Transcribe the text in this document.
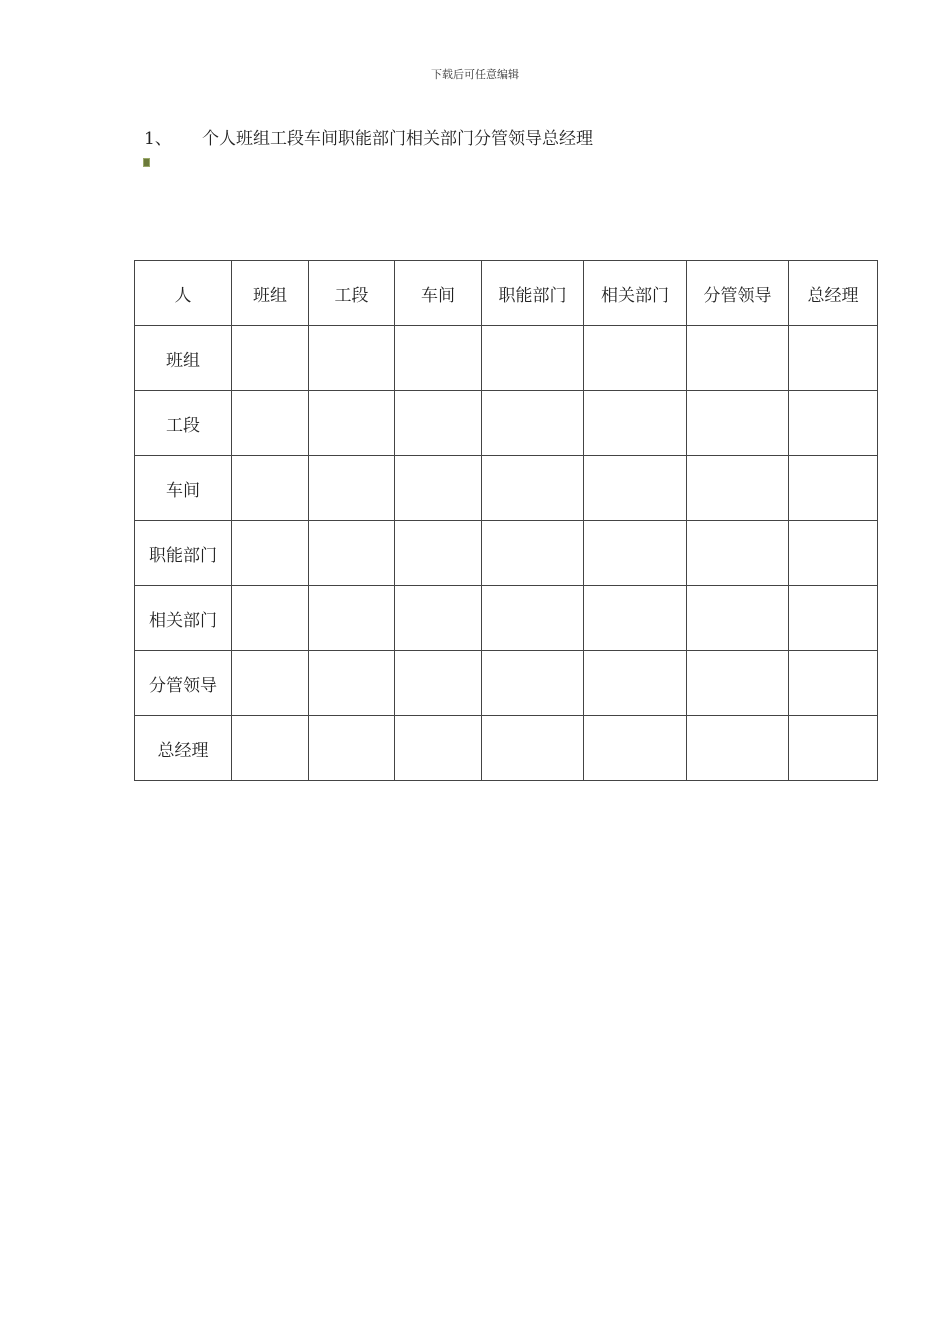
下载后可任意编辑
1、 个人班组工段车间职能部门相关部门分管领导总经理
人	班组	工段	车间	职能部门	相关部门	分管领导	总经理
班组							
工段							
车间							
职能部门							
相关部门							
分管领导							
总经理							
